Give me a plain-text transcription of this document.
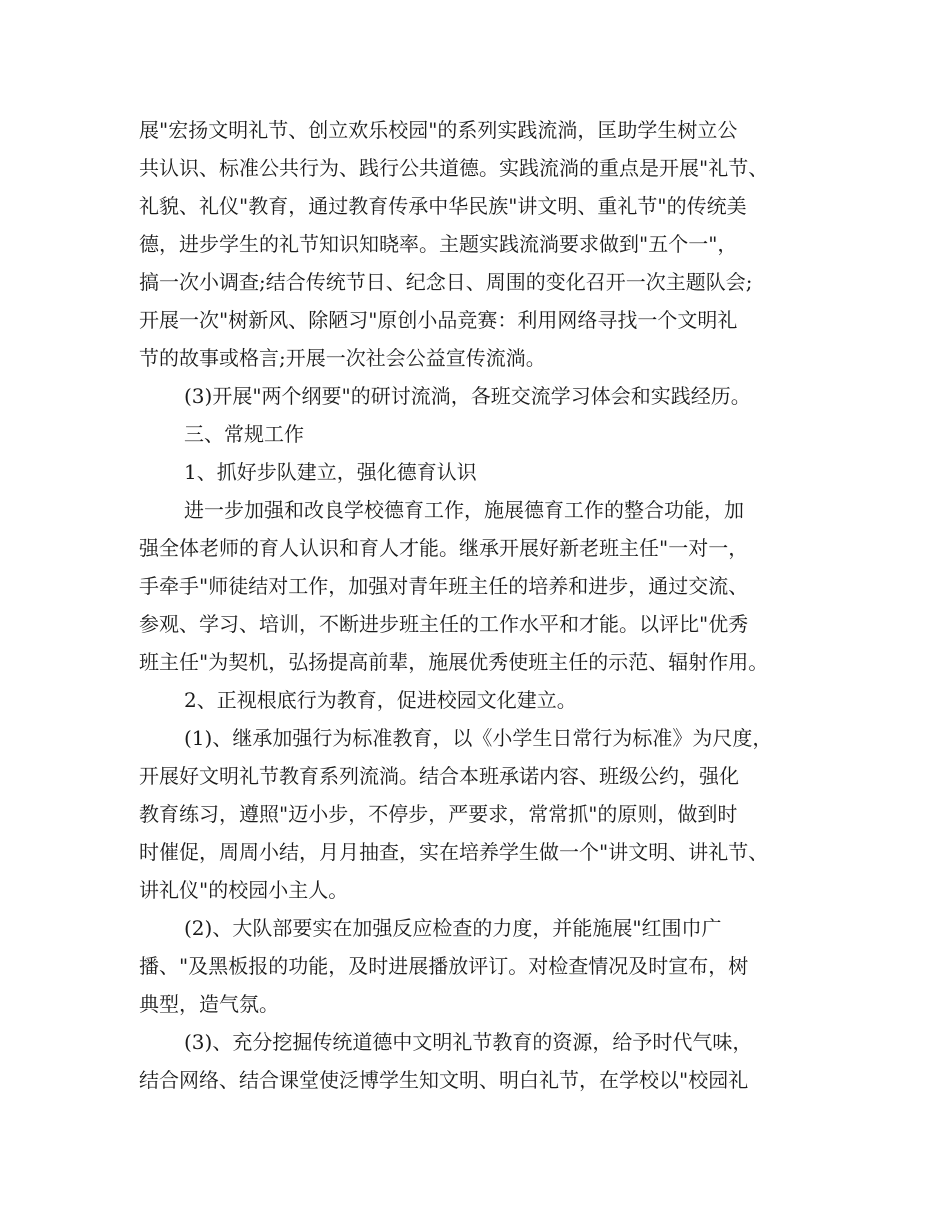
展"宏扬文明礼节、创立欢乐校园"的系列实践流淌，匡助学生树立公
共认识、标准公共行为、践行公共道德。实践流淌的重点是开展"礼节、
礼貌、礼仪"教育，通过教育传承中华民族"讲文明、重礼节"的传统美
德，进步学生的礼节知识知晓率。主题实践流淌要求做到"五个一"，
搞一次小调查;结合传统节日、纪念日、周围的变化召开一次主题队会;
开展一次"树新风、除陋习"原创小品竞赛：利用网络寻找一个文明礼
节的故事或格言;开展一次社会公益宣传流淌。
(3)开展"两个纲要"的研讨流淌，各班交流学习体会和实践经历。
三、常规工作
1、抓好步队建立，强化德育认识
进一步加强和改良学校德育工作，施展德育工作的整合功能，加
强全体老师的育人认识和育人才能。继承开展好新老班主任"一对一，
手牵手"师徒结对工作，加强对青年班主任的培养和进步，通过交流、
参观、学习、培训，不断进步班主任的工作水平和才能。以评比"优秀
班主任"为契机，弘扬提高前辈，施展优秀使班主任的示范、辐射作用。
2、正视根底行为教育，促进校园文化建立。
(1)、继承加强行为标准教育，以《小学生日常行为标准》为尺度，
开展好文明礼节教育系列流淌。结合本班承诺内容、班级公约，强化
教育练习，遵照"迈小步，不停步，严要求，常常抓"的原则，做到时
时催促，周周小结，月月抽查，实在培养学生做一个"讲文明、讲礼节、
讲礼仪"的校园小主人。
(2)、大队部要实在加强反应检查的力度，并能施展"红围巾广
播、"及黑板报的功能，及时进展播放评订。对检查情况及时宣布，树
典型，造气氛。
(3)、充分挖掘传统道德中文明礼节教育的资源，给予时代气味，
结合网络、结合课堂使泛博学生知文明、明白礼节，在学校以"校园礼
